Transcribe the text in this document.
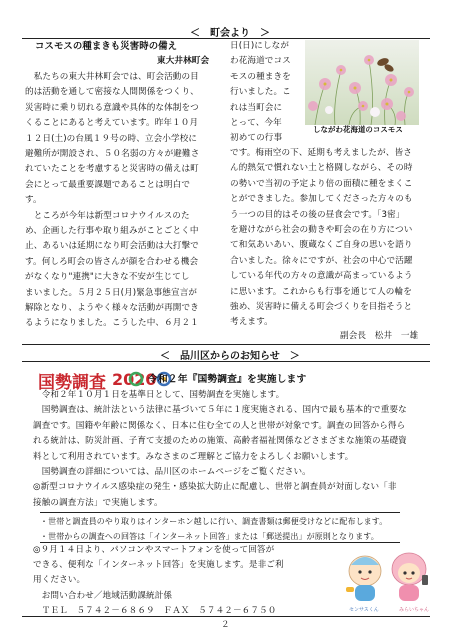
＜　町会より　＞
コスモスの種まきも災害時の備え
東大井林町会
　私たちの東大井林町会では、町会活動の目
的は活動を通して密接な人間関係をつくり、
災害時に乗り切れる意識や具体的な体制をつ
くることにあると考えています。昨年１０月
１２日(土)の台風１９号の時、立会小学校に
避難所が開設され、５０名弱の方々が避難さ
れていたことを考慮すると災害時の備えは町
会にとって最重要課題であることは明白で
す。
　ところが今年は新型コロナウイルスのた
め、企画した行事や取り組みがことごとく中
止、あるいは延期になり町会活動は大打撃で
す。何しろ町会の皆さんが顔を合わせる機会
がなくなり"連携"に大きな不安が生じてし
まいました。５月２５日(月)緊急事態宣言が
解除となり、ようやく様々な活動が再開でき
るようになりました。こうした中、６月２１
日(日)にしなが
わ花海道でコス
モスの種まきを
行いました。こ
れは当町会に
とって、今年
初めての行事
しながわ花海道のコスモス
です。梅雨空の下、延期も考えましたが、皆さ
ん的熱気で慣れない土と格闘しながら、その時
の勢いで当初の予定より倍の面積に種をまくこ
とができました。参加してくださった方々のも
う一つの目的はその後の昼食会です。「3密」
を避けながら社会の動きや町会の在り方につい
て和気あいあい、腹蔵なくご自身の思いを語り
合いました。徐々にですが、社会の中心で活躍
している年代の方々の意識が高まっているよう
に思います。これからも行事を通じて人の輪を
強め、災害時に備える町会づくりを目指そうと
考えます。
副会長　松井　一雄
＜　品川区からのお知らせ　＞
国勢調査 2020
令和２年『国勢調査』を実施します
　令和２年１０月１日を基準日として、国勢調査を実施します。
　国勢調査は、統計法という法律に基づいて５年に１度実施される、国内で最も基本的で重要な
調査です。国籍や年齢に関係なく、日本に住む全ての人と世帯が対象です。調査の回答から得ら
れる統計は、防災計画、子育て支援のための施策、高齢者福祉関係などさまざまな施策の基礎資
料として利用されています。みなさまのご理解とご協力をよろしくお願いします。
　国勢調査の詳細については、品川区のホームページをご覧ください。
◎新型コロナウイルス感染症の発生・感染拡大防止に配慮し、世帯と調査員が対面しない「非
接触の調査方法」で実施します。
・世帯と調査員のやり取りはインターホン越しに行い、調査書類は郵便受けなどに配布します。
・世帯からの調査への回答は「インターネット回答」または「郵送提出」が原則となります。
◎９月１４日より、パソコンやスマートフォンを使って回答が
できる、便利な「インターネット回答」を実施します。是非ご利
用ください。
　お問い合わせ／地域活動課統計係
　ＴＥＬ　５７４２－６８６９　ＦＡＸ　５７４２－６７５０	センサスくん	みらいちゃん
２
